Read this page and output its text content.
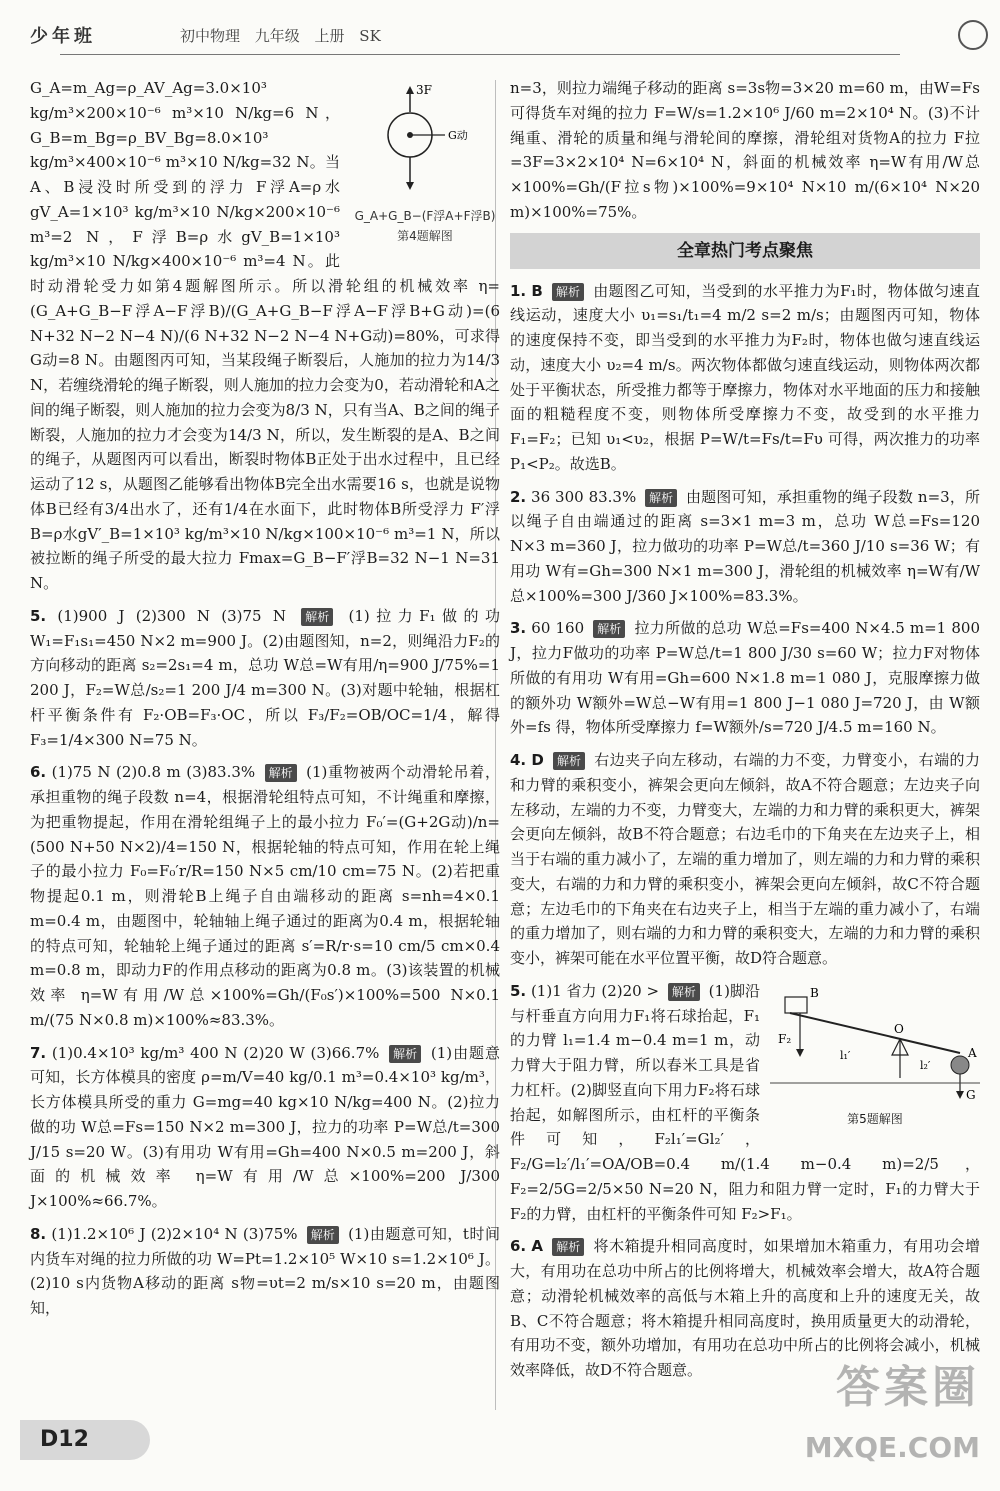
少年班	初中物理 九年级 上册 SK
3F
G动
G_A+G_B−(F浮A+F浮B)
第4题解图

G_A=m_Ag=ρ_AV_Ag=3.0×10³ kg/m³×200×10⁻⁶ m³×10 N/kg=6 N，G_B=m_Bg=ρ_BV_Bg=8.0×10³ kg/m³×400×10⁻⁶ m³×10 N/kg=32 N。当A、B浸没时所受到的浮力 F浮A=ρ水gV_A=1×10³ kg/m³×10 N/kg×200×10⁻⁶ m³=2 N，F浮B=ρ水gV_B=1×10³ kg/m³×10 N/kg×400×10⁻⁶ m³=4 N。此时动滑轮受力如第4题解图所示。所以滑轮组的机械效率 η=(G_A+G_B−F浮A−F浮B)/(G_A+G_B−F浮A−F浮B+G动)=(6 N+32 N−2 N−4 N)/(6 N+32 N−2 N−4 N+G动)=80%，可求得 G动=8 N。由题图丙可知，当某段绳子断裂后，人施加的拉力为14/3 N，若缠绕滑轮的绳子断裂，则人施加的拉力会变为0，若动滑轮和A之间的绳子断裂，则人施加的拉力会变为8/3 N，只有当A、B之间的绳子断裂，人施加的拉力才会变为14/3 N，所以，发生断裂的是A、B之间的绳子，从题图丙可以看出，断裂时物体B正处于出水过程中，且已经运动了12 s，从题图乙能够看出物体B完全出水需要16 s，也就是说物体B已经有3/4出水了，还有1/4在水面下，此时物体B所受浮力 F′浮B=ρ水gV′_B=1×10³ kg/m³×10 N/kg×100×10⁻⁶ m³=1 N，所以被拉断的绳子所受的最大拉力 Fmax=G_B−F′浮B=32 N−1 N=31 N。

5. (1)900 J (2)300 N (3)75 N 解析 (1)拉力F₁做的功 W₁=F₁s₁=450 N×2 m=900 J。(2)由题图知，n=2，则绳沿力F₂的方向移动的距离 s₂=2s₁=4 m，总功 W总=W有用/η=900 J/75%=1 200 J，F₂=W总/s₂=1 200 J/4 m=300 N。(3)对题中轮轴，根据杠杆平衡条件有 F₂·OB=F₃·OC，所以 F₃/F₂=OB/OC=1/4，解得 F₃=1/4×300 N=75 N。

6. (1)75 N (2)0.8 m (3)83.3% 解析 (1)重物被两个动滑轮吊着，承担重物的绳子段数 n=4，根据滑轮组特点可知，不计绳重和摩擦，为把重物提起，作用在滑轮组绳子上的最小拉力 F₀′=(G+2G动)/n=(500 N+50 N×2)/4=150 N，根据轮轴的特点可知，作用在轮上绳子的最小拉力 F₀=F₀′r/R=150 N×5 cm/10 cm=75 N。(2)若把重物提起0.1 m，则滑轮B上绳子自由端移动的距离 s=nh=4×0.1 m=0.4 m，由题图中，轮轴轴上绳子通过的距离为0.4 m，根据轮轴的特点可知，轮轴轮上绳子通过的距离 s′=R/r·s=10 cm/5 cm×0.4 m=0.8 m，即动力F的作用点移动的距离为0.8 m。(3)该装置的机械效率 η=W有用/W总×100%=Gh/(F₀s′)×100%=500 N×0.1 m/(75 N×0.8 m)×100%≈83.3%。

7. (1)0.4×10³ kg/m³ 400 N (2)20 W (3)66.7% 解析 (1)由题意可知，长方体模具的密度 ρ=m/V=40 kg/0.1 m³=0.4×10³ kg/m³，长方体模具所受的重力 G=mg=40 kg×10 N/kg=400 N。(2)拉力做的功 W总=Fs=150 N×2 m=300 J，拉力的功率 P=W总/t=300 J/15 s=20 W。(3)有用功 W有用=Gh=400 N×0.5 m=200 J，斜面的机械效率 η=W有用/W总×100%=200 J/300 J×100%≈66.7%。

8. (1)1.2×10⁶ J (2)2×10⁴ N (3)75% 解析 (1)由题意可知，t时间内货车对绳的拉力所做的功 W=Pt=1.2×10⁵ W×10 s=1.2×10⁶ J。(2)10 s内货物A移动的距离 s物=υt=2 m/s×10 s=20 m，由题图知，

n=3，则拉力端绳子移动的距离 s=3s物=3×20 m=60 m，由W=Fs可得货车对绳的拉力 F=W/s=1.2×10⁶ J/60 m=2×10⁴ N。(3)不计绳重、滑轮的质量和绳与滑轮间的摩擦，滑轮组对货物A的拉力 F拉=3F=3×2×10⁴ N=6×10⁴ N，斜面的机械效率 η=W有用/W总×100%=Gh/(F拉s物)×100%=9×10⁴ N×10 m/(6×10⁴ N×20 m)×100%=75%。

全章热门考点聚焦

1. B 解析 由题图乙可知，当受到的水平推力为F₁时，物体做匀速直线运动，速度大小 υ₁=s₁/t₁=4 m/2 s=2 m/s；由题图丙可知，物体的速度保持不变，即当受到的水平推力为F₂时，物体也做匀速直线运动，速度大小 υ₂=4 m/s。两次物体都做匀速直线运动，则物体两次都处于平衡状态，所受推力都等于摩擦力，物体对水平地面的压力和接触面的粗糙程度不变，则物体所受摩擦力不变，故受到的水平推力 F₁=F₂；已知 υ₁<υ₂，根据 P=W/t=Fs/t=Fυ 可得，两次推力的功率 P₁<P₂。故选B。

2. 36 300 83.3% 解析 由题图可知，承担重物的绳子段数 n=3，所以绳子自由端通过的距离 s=3×1 m=3 m，总功 W总=Fs=120 N×3 m=360 J，拉力做功的功率 P=W总/t=360 J/10 s=36 W；有用功 W有=Gh=300 N×1 m=300 J，滑轮组的机械效率 η=W有/W总×100%=300 J/360 J×100%=83.3%。

3. 60 160 解析 拉力所做的总功 W总=Fs=400 N×4.5 m=1 800 J，拉力F做功的功率 P=W总/t=1 800 J/30 s=60 W；拉力F对物体所做的有用功 W有用=Gh=600 N×1.8 m=1 080 J，克服摩擦力做的额外功 W额外=W总−W有用=1 800 J−1 080 J=720 J，由 W额外=fs 得，物体所受摩擦力 f=W额外/s=720 J/4.5 m=160 N。

4. D 解析 右边夹子向左移动，右端的力不变，力臂变小，右端的力和力臂的乘积变小，裤架会更向左倾斜，故A不符合题意；左边夹子向左移动，左端的力不变，力臂变大，左端的力和力臂的乘积更大，裤架会更向左倾斜，故B不符合题意；右边毛巾的下角夹在左边夹子上，相当于右端的重力减小了，左端的重力增加了，则左端的力和力臂的乘积变大，右端的力和力臂的乘积变小，裤架会更向左倾斜，故C不符合题意；左边毛巾的下角夹在右边夹子上，相当于左端的重力减小了，右端的重力增加了，则右端的力和力臂的乘积变大，左端的力和力臂的乘积变小，裤架可能在水平位置平衡，故D符合题意。

B
O
A
F₂
l₁′
l₂′
G
第5题解图

5. (1)1 省力 (2)20 > 解析 (1)脚沿与杆垂直方向用力F₁将石球抬起，F₁的力臂 l₁=1.4 m−0.4 m=1 m，动力臂大于阻力臂，所以春米工具是省力杠杆。(2)脚竖直向下用力F₂将石球抬起，如解图所示，由杠杆的平衡条件可知，F₂l₁′=Gl₂′，F₂/G=l₂′/l₁′=OA/OB=0.4 m/(1.4 m−0.4 m)=2/5，F₂=2/5G=2/5×50 N=20 N，阻力和阻力臂一定时，F₁的力臂大于F₂的力臂，由杠杆的平衡条件可知 F₂>F₁。

6. A 解析 将木箱提升相同高度时，如果增加木箱重力，有用功会增大，有用功在总功中所占的比例将增大，机械效率会增大，故A符合题意；动滑轮机械效率的高低与木箱上升的高度和上升的速度无关，故B、C不符合题意；将木箱提升相同高度时，换用质量更大的动滑轮，有用功不变，额外功增加，有用功在总功中所占的比例将会减小，机械效率降低，故D不符合题意。

D12
答案圈
MXQE.COM
